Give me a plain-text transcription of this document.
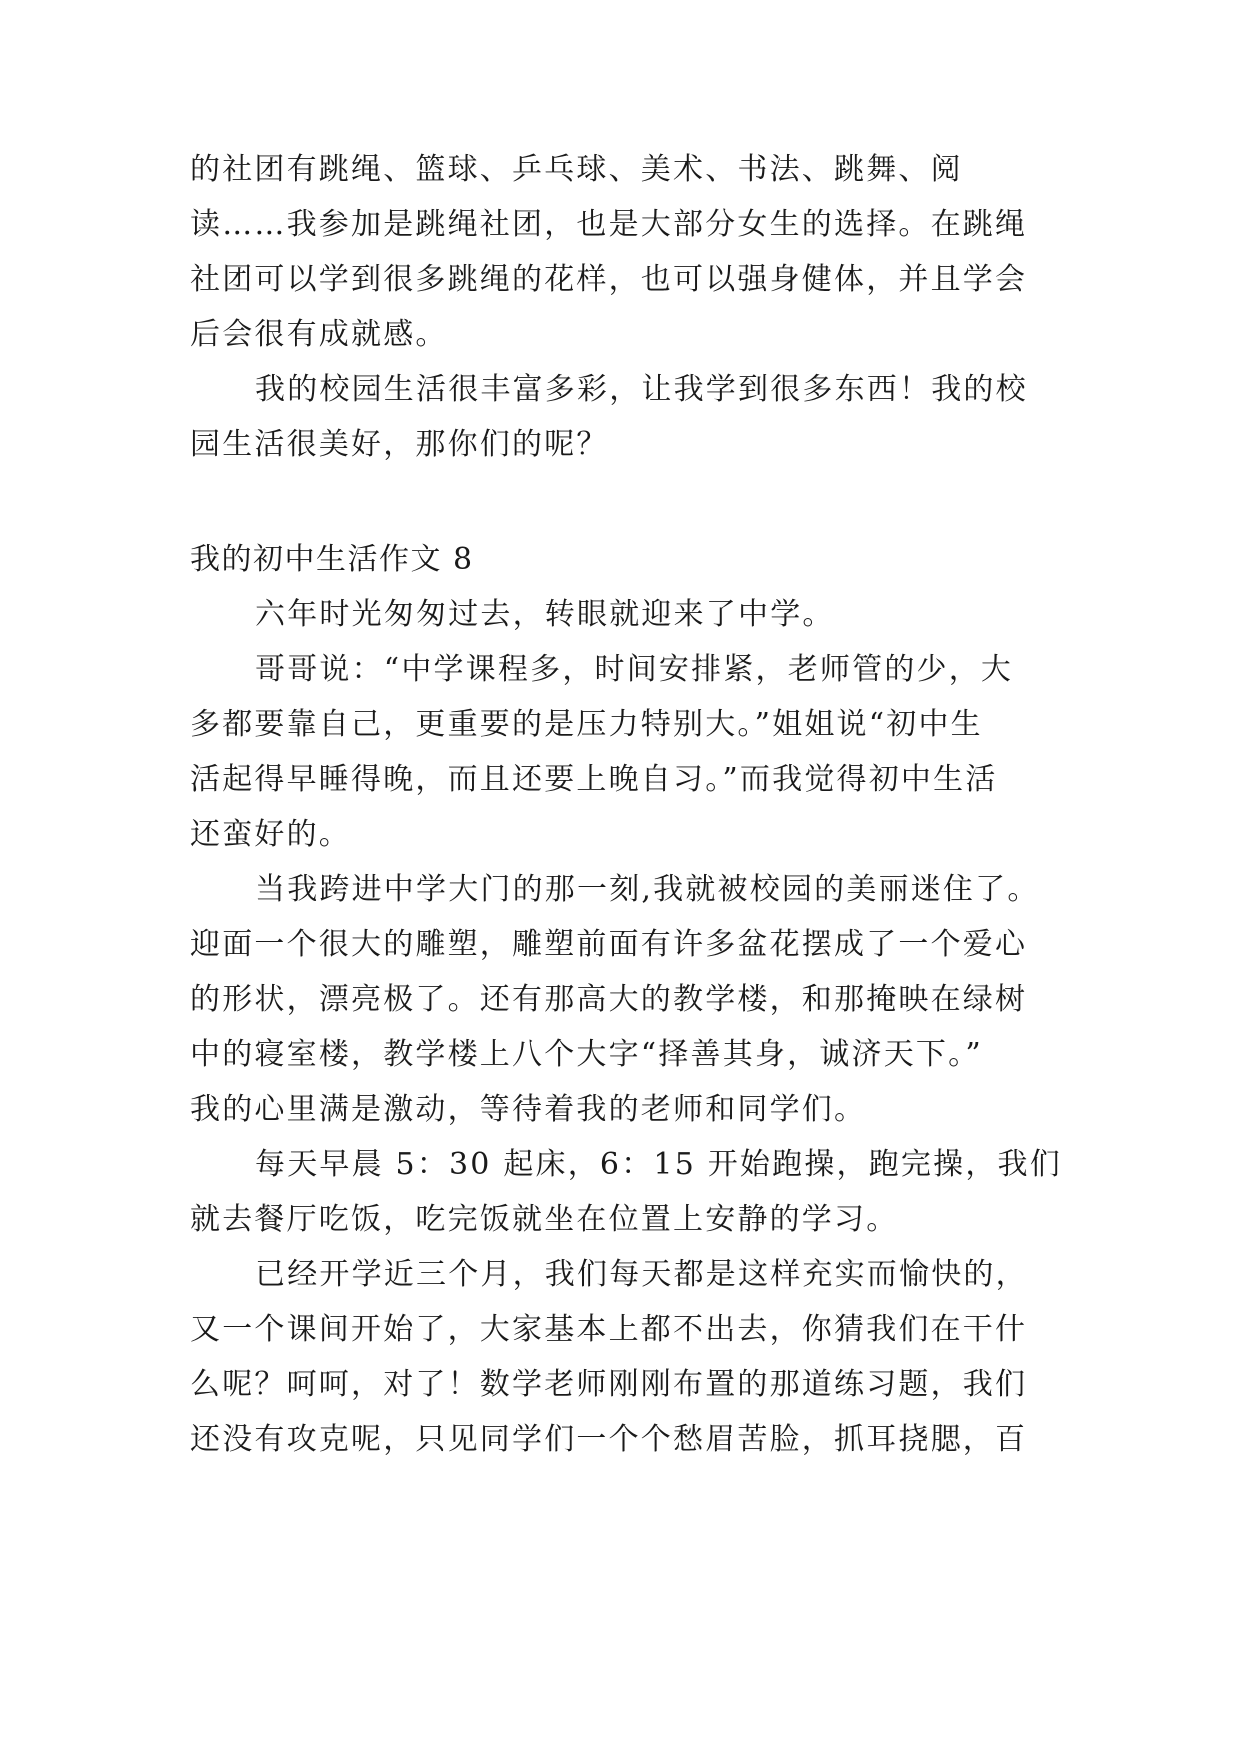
的社团有跳绳、篮球、乒乓球、美术、书法、跳舞、阅
读……我参加是跳绳社团，也是大部分女生的选择。在跳绳
社团可以学到很多跳绳的花样，也可以强身健体，并且学会
后会很有成就感。
我的校园生活很丰富多彩，让我学到很多东西！我的校
园生活很美好，那你们的呢？
我的初中生活作文 8
六年时光匆匆过去，转眼就迎来了中学。
哥哥说：“中学课程多，时间安排紧，老师管的少，大
多都要靠自己，更重要的是压力特别大。”姐姐说“初中生
活起得早睡得晚，而且还要上晚自习。”而我觉得初中生活
还蛮好的。
当我跨进中学大门的那一刻,我就被校园的美丽迷住了。
迎面一个很大的雕塑，雕塑前面有许多盆花摆成了一个爱心
的形状，漂亮极了。还有那高大的教学楼，和那掩映在绿树
中的寝室楼，教学楼上八个大字“择善其身，诚济天下。”
我的心里满是激动，等待着我的老师和同学们。
每天早晨 5：30 起床，6：15 开始跑操，跑完操，我们
就去餐厅吃饭，吃完饭就坐在位置上安静的学习。
已经开学近三个月，我们每天都是这样充实而愉快的，
又一个课间开始了，大家基本上都不出去，你猜我们在干什
么呢？呵呵，对了！数学老师刚刚布置的那道练习题，我们
还没有攻克呢，只见同学们一个个愁眉苦脸，抓耳挠腮，百
